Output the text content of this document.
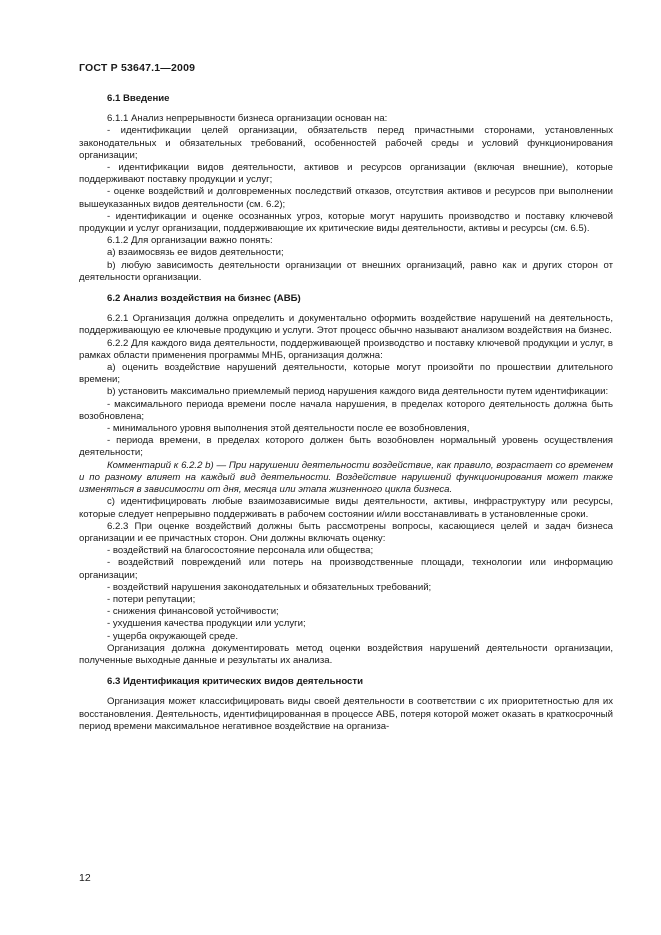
ГОСТ Р 53647.1—2009
6.1 Введение

6.1.1 Анализ непрерывности бизнеса организации основан на:

- идентификации целей организации, обязательств перед причастными сторонами, установленных законодательных и обязательных требований, особенностей рабочей среды и условий функционирования организации;

- идентификации видов деятельности, активов и ресурсов организации (включая внешние), которые поддерживают поставку продукции и услуг;

- оценке воздействий и долговременных последствий отказов, отсутствия активов и ресурсов при выполнении вышеуказанных видов деятельности (см. 6.2);

- идентификации и оценке осознанных угроз, которые могут нарушить производство и поставку ключевой продукции и услуг организации, поддерживающие их критические виды деятельности, активы и ресурсы (см. 6.5).

6.1.2 Для организации важно понять:

a) взаимосвязь ее видов деятельности;

b) любую зависимость деятельности организации от внешних организаций, равно как и других сторон от деятельности организации.

6.2 Анализ воздействия на бизнес (АВБ)

6.2.1 Организация должна определить и документально оформить воздействие нарушений на деятельность, поддерживающую ее ключевые продукцию и услуги. Этот процесс обычно называют анализом воздействия на бизнес.

6.2.2 Для каждого вида деятельности, поддерживающей производство и поставку ключевой продукции и услуг, в рамках области применения программы МНБ, организация должна:

a) оценить воздействие нарушений деятельности, которые могут произойти по прошествии длительного времени;

b) установить максимально приемлемый период нарушения каждого вида деятельности путем идентификации:

- максимального периода времени после начала нарушения, в пределах которого деятельность должна быть возобновлена;

- минимального уровня выполнения этой деятельности после ее возобновления,

- периода времени, в пределах которого должен быть возобновлен нормальный уровень осуществления деятельности;

Комментарий к 6.2.2 b) — При нарушении деятельности воздействие, как правило, возрастает со временем и по разному влияет на каждый вид деятельности. Воздействие нарушений функционирования может также изменяться в зависимости от дня, месяца или этапа жизненного цикла бизнеса.

c) идентифицировать любые взаимозависимые виды деятельности, активы, инфраструктуру или ресурсы, которые следует непрерывно поддерживать в рабочем состоянии и/или восстанавливать в установленные сроки.

6.2.3 При оценке воздействий должны быть рассмотрены вопросы, касающиеся целей и задач бизнеса организации и ее причастных сторон. Они должны включать оценку:

- воздействий на благосостояние персонала или общества;

- воздействий повреждений или потерь на производственные площади, технологии или информацию организации;

- воздействий нарушения законодательных и обязательных требований;

- потери репутации;

- снижения финансовой устойчивости;

- ухудшения качества продукции или услуги;

- ущерба окружающей среде.

Организация должна документировать метод оценки воздействия нарушений деятельности организации, полученные выходные данные и результаты их анализа.

6.3 Идентификация критических видов деятельности

Организация может классифицировать виды своей деятельности в соответствии с их приоритетностью для их восстановления. Деятельность, идентифицированная в процессе АВБ, потеря которой может оказать в краткосрочный период времени максимальное негативное воздействие на организа-

12
